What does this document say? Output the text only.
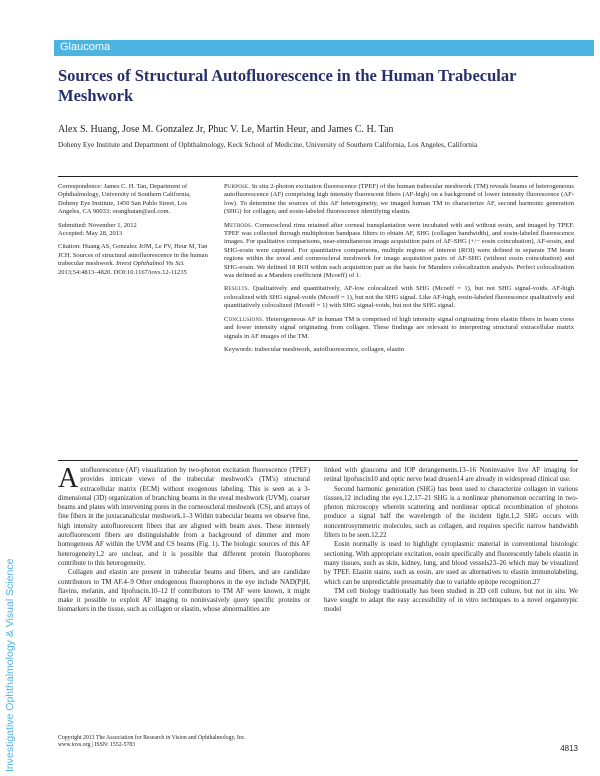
Glaucoma
Sources of Structural Autofluorescence in the Human Trabecular Meshwork
Alex S. Huang, Jose M. Gonzalez Jr, Phuc V. Le, Martin Heur, and James C. H. Tan
Doheny Eye Institute and Department of Ophthalmology, Keck School of Medicine, University of Southern California, Los Angeles, California

Correspondence: James C. H. Tan, Department of Ophthalmology, University of Southern California, Doheny Eye Institute, 1450 San Pablo Street, Los Angeles, CA 90033; oranghutan@aol.com.

Submitted: November 1, 2012

Accepted: May 28, 2013

Citation: Huang AS, Gonzalez JrJM, Le PV, Heur M, Tan JCH. Sources of structural autofluorescence in the human trabecular meshwork. Invest Ophthalmol Vis Sci. 2013;54:4813–4820. DOI:10.1167/iovs.12-11235

Purpose. In situ 2-photon excitation fluorescence (TPEF) of the human trabecular meshwork (TM) reveals beams of heterogeneous autofluorescence (AF) comprising high intensity fluorescent fibers (AF-high) on a background of lower intensity fluorescence (AF-low). To determine the sources of this AF heterogeneity, we imaged human TM to characterize AF, second harmonic generation (SHG) for collagen, and eosin-labeled fluorescence identifying elastin.

Methods. Corneoscleral rims retained after corneal transplantation were incubated with and without eosin, and imaged by TPEF. TPEF was collected through multiphoton bandpass filters to obtain AF, SHG (collagen bandwidth), and eosin-labeled fluorescence images. For qualitative comparisons, near-simultaneous image acquisition pairs of AF-SHG (+/− eosin coincubation), AF-eosin, and SHG-eosin were captured. For quantitative comparisons, multiple regions of interest (ROI) were defined in separate TM beam regions within the uveal and corneoscleral meshwork for image acquisition pairs of AF-SHG (without eosin coincubation) and SHG-eosin. We defined 18 ROI within each acquisition pair as the basis for Manders colocalization analysis. Perfect colocalization was defined as a Manders coefficient (Mcoeff) of 1.

Results. Qualitatively and quantitatively, AF-low colocalized with SHG (Mcoeff = 1), but not SHG signal-voids. AF-high colocalized with SHG signal-voids (Mcoeff = 1), but not the SHG signal. Like AF-high, eosin-labeled fluorescence qualitatively and quantitatively colocalized (Mcoeff = 1) with SHG signal-voids, but not the SHG signal.

Conclusions. Heterogeneous AF in human TM is comprised of high intensity signal originating from elastin fibers in beam cores and lower intensity signal originating from collagen. These findings are relevant to interpreting structural extracellular matrix signals in AF images of the TM.

Keywords: trabecular meshwork, autofluorescence, collagen, elastin

Investigative Ophthalmology & Visual Science

Autofluorescence (AF) visualization by two-photon excitation fluorescence (TPEF) provides intricate views of the trabecular meshwork's (TM's) structural extracellular matrix (ECM) without exogenous labeling. This is seen as a 3-dimensional (3D) organization of branching beams in the uveal meshwork (UVM), coarser beams and plates with intervening pores in the corneoscleral meshwork (CS), and arrays of fine fibers in the juxtacanalicular meshwork.1–3 Within trabecular beams we observe fine, high intensity autofluorescent fibers that are aligned with beam axes. These intensely autofluorescent fibers are distinguishable from a background of dimmer and more homogenous AF within the UVM and CS beams (Fig. 1). The biologic sources of this AF heterogeneity1,2 are unclear, and it is possible that different protein fluorophores contribute to this heterogeneity.

Collagen and elastin are present in trabecular beams and fibers, and are candidate contributors to TM AF.4–9 Other endogenous fluorophores in the eye include NAD(P)H, flavins, melanin, and lipofuscin.10–12 If contributors to TM AF were known, it might make it possible to exploit AF imaging to noninvasively query specific proteins or biomarkers in the tissue, such as collagen or elastin, whose abnormalities are

linked with glaucoma and IOP derangements.13–16 Noninvasive live AF imaging for retinal lipofuscin10 and optic nerve head drusen14 are already in widespread clinical use.

Second harmonic generation (SHG) has been used to characterize collagen in various tissues,12 including the eye.1,2,17–21 SHG is a nonlinear phenomenon occurring in two-photon microscopy wherein scattering and nonlinear optical recombination of photons produce a signal half the wavelength of the incident light.1,2 SHG occurs with noncentrosymmetric molecules, such as collagen, and requires specific narrow bandwidth filters to be seen.12,22

Eosin normally is used to highlight cytoplasmic material in conventional histologic sectioning. With appropriate excitation, eosin specifically and fluorescently labels elastin in many tissues, such as skin, kidney, lung, and blood vessels23–26 which may be visualized by TPEF. Elastin stains, such as eosin, are used as alternatives to elastin immunolabeling, which can be unpredictable presumably due to variable epitope recognition.27

TM cell biology traditionally has been studied in 2D cell culture, but not in situ. We have sought to adapt the easy accessibility of in vitro techniques to a novel organotypic model

Copyright 2013 The Association for Research in Vision and Ophthalmology, Inc.
www.iovs.org | ISSN: 1552-5783	4813
